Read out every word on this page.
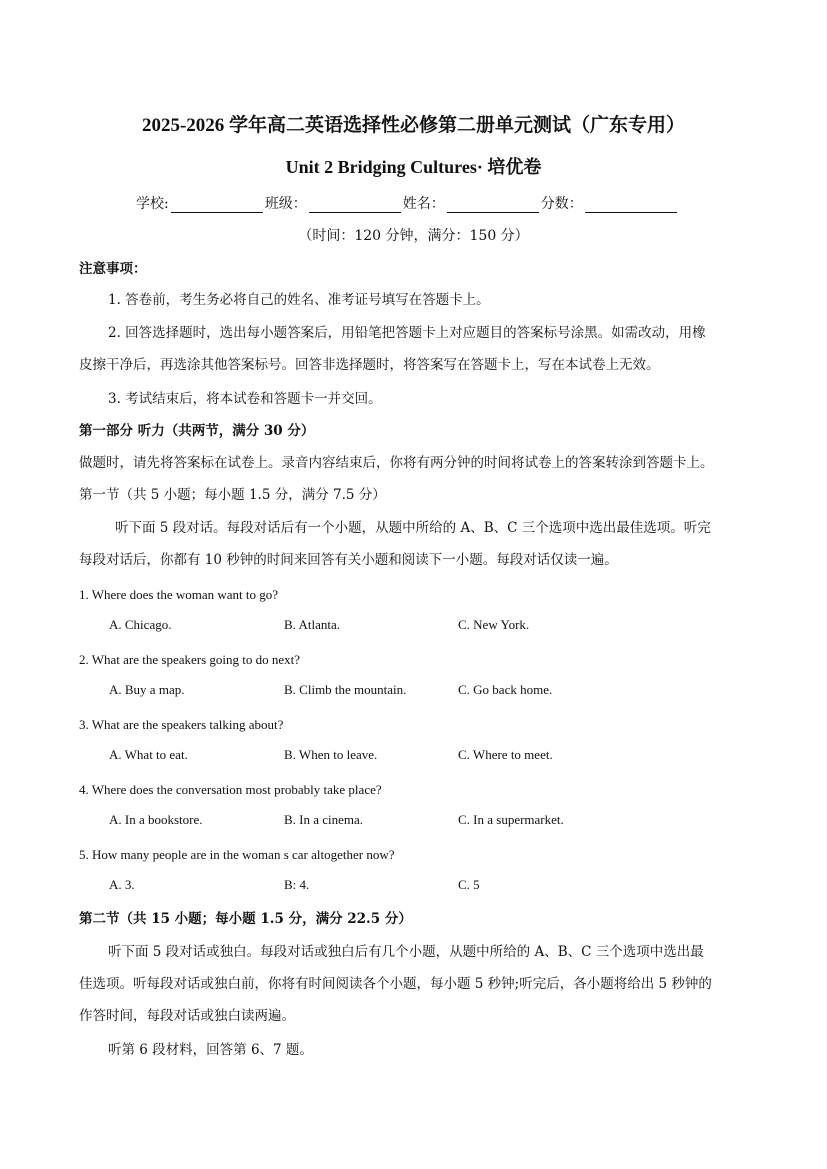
2025-2026 学年高二英语选择性必修第二册单元测试（广东专用）
Unit 2 Bridging Cultures· 培优卷
学校:	班级：	姓名：	分数：
（时间：120 分钟，满分：150 分）
注意事项：
1. 答卷前，考生务必将自己的姓名、准考证号填写在答题卡上。
2. 回答选择题时，选出每小题答案后，用铅笔把答题卡上对应题目的答案标号涂黑。如需改动，用橡
皮擦干净后，再选涂其他答案标号。回答非选择题时，将答案写在答题卡上，写在本试卷上无效。
3. 考试结束后，将本试卷和答题卡一并交回。
第一部分 听力（共两节，满分 30 分）
做题时，请先将答案标在试卷上。录音内容结束后，你将有两分钟的时间将试卷上的答案转涂到答题卡上。
第一节（共 5 小题；每小题 1.5 分，满分 7.5 分）
听下面 5 段对话。每段对话后有一个小题，从题中所给的 A、B、C 三个选项中选出最佳选项。听完
每段对话后，你都有 10 秒钟的时间来回答有关小题和阅读下一小题。每段对话仅读一遍。
1. Where does the woman want to go?
A. Chicago.	B. Atlanta.	C. New York.
2. What are the speakers going to do next?
A. Buy a map.	B. Climb the mountain.	C. Go back home.
3. What are the speakers talking about?
A. What to eat.	B. When to leave.	C. Where to meet.
4. Where does the conversation most probably take place?
A. In a bookstore.	B. In a cinema.	C. In a supermarket.
5. How many people are in the woman s car altogether now?
A. 3.	B: 4.	C. 5
第二节（共 15 小题；每小题 1.5 分，满分 22.5 分）
听下面 5 段对话或独白。每段对话或独白后有几个小题，从题中所给的 A、B、C 三个选项中选出最
佳选项。听每段对话或独白前，你将有时间阅读各个小题，每小题 5 秒钟;听完后，各小题将给出 5 秒钟的
作答时间，每段对话或独白读两遍。
听第 6 段材料，回答第 6、7 题。
